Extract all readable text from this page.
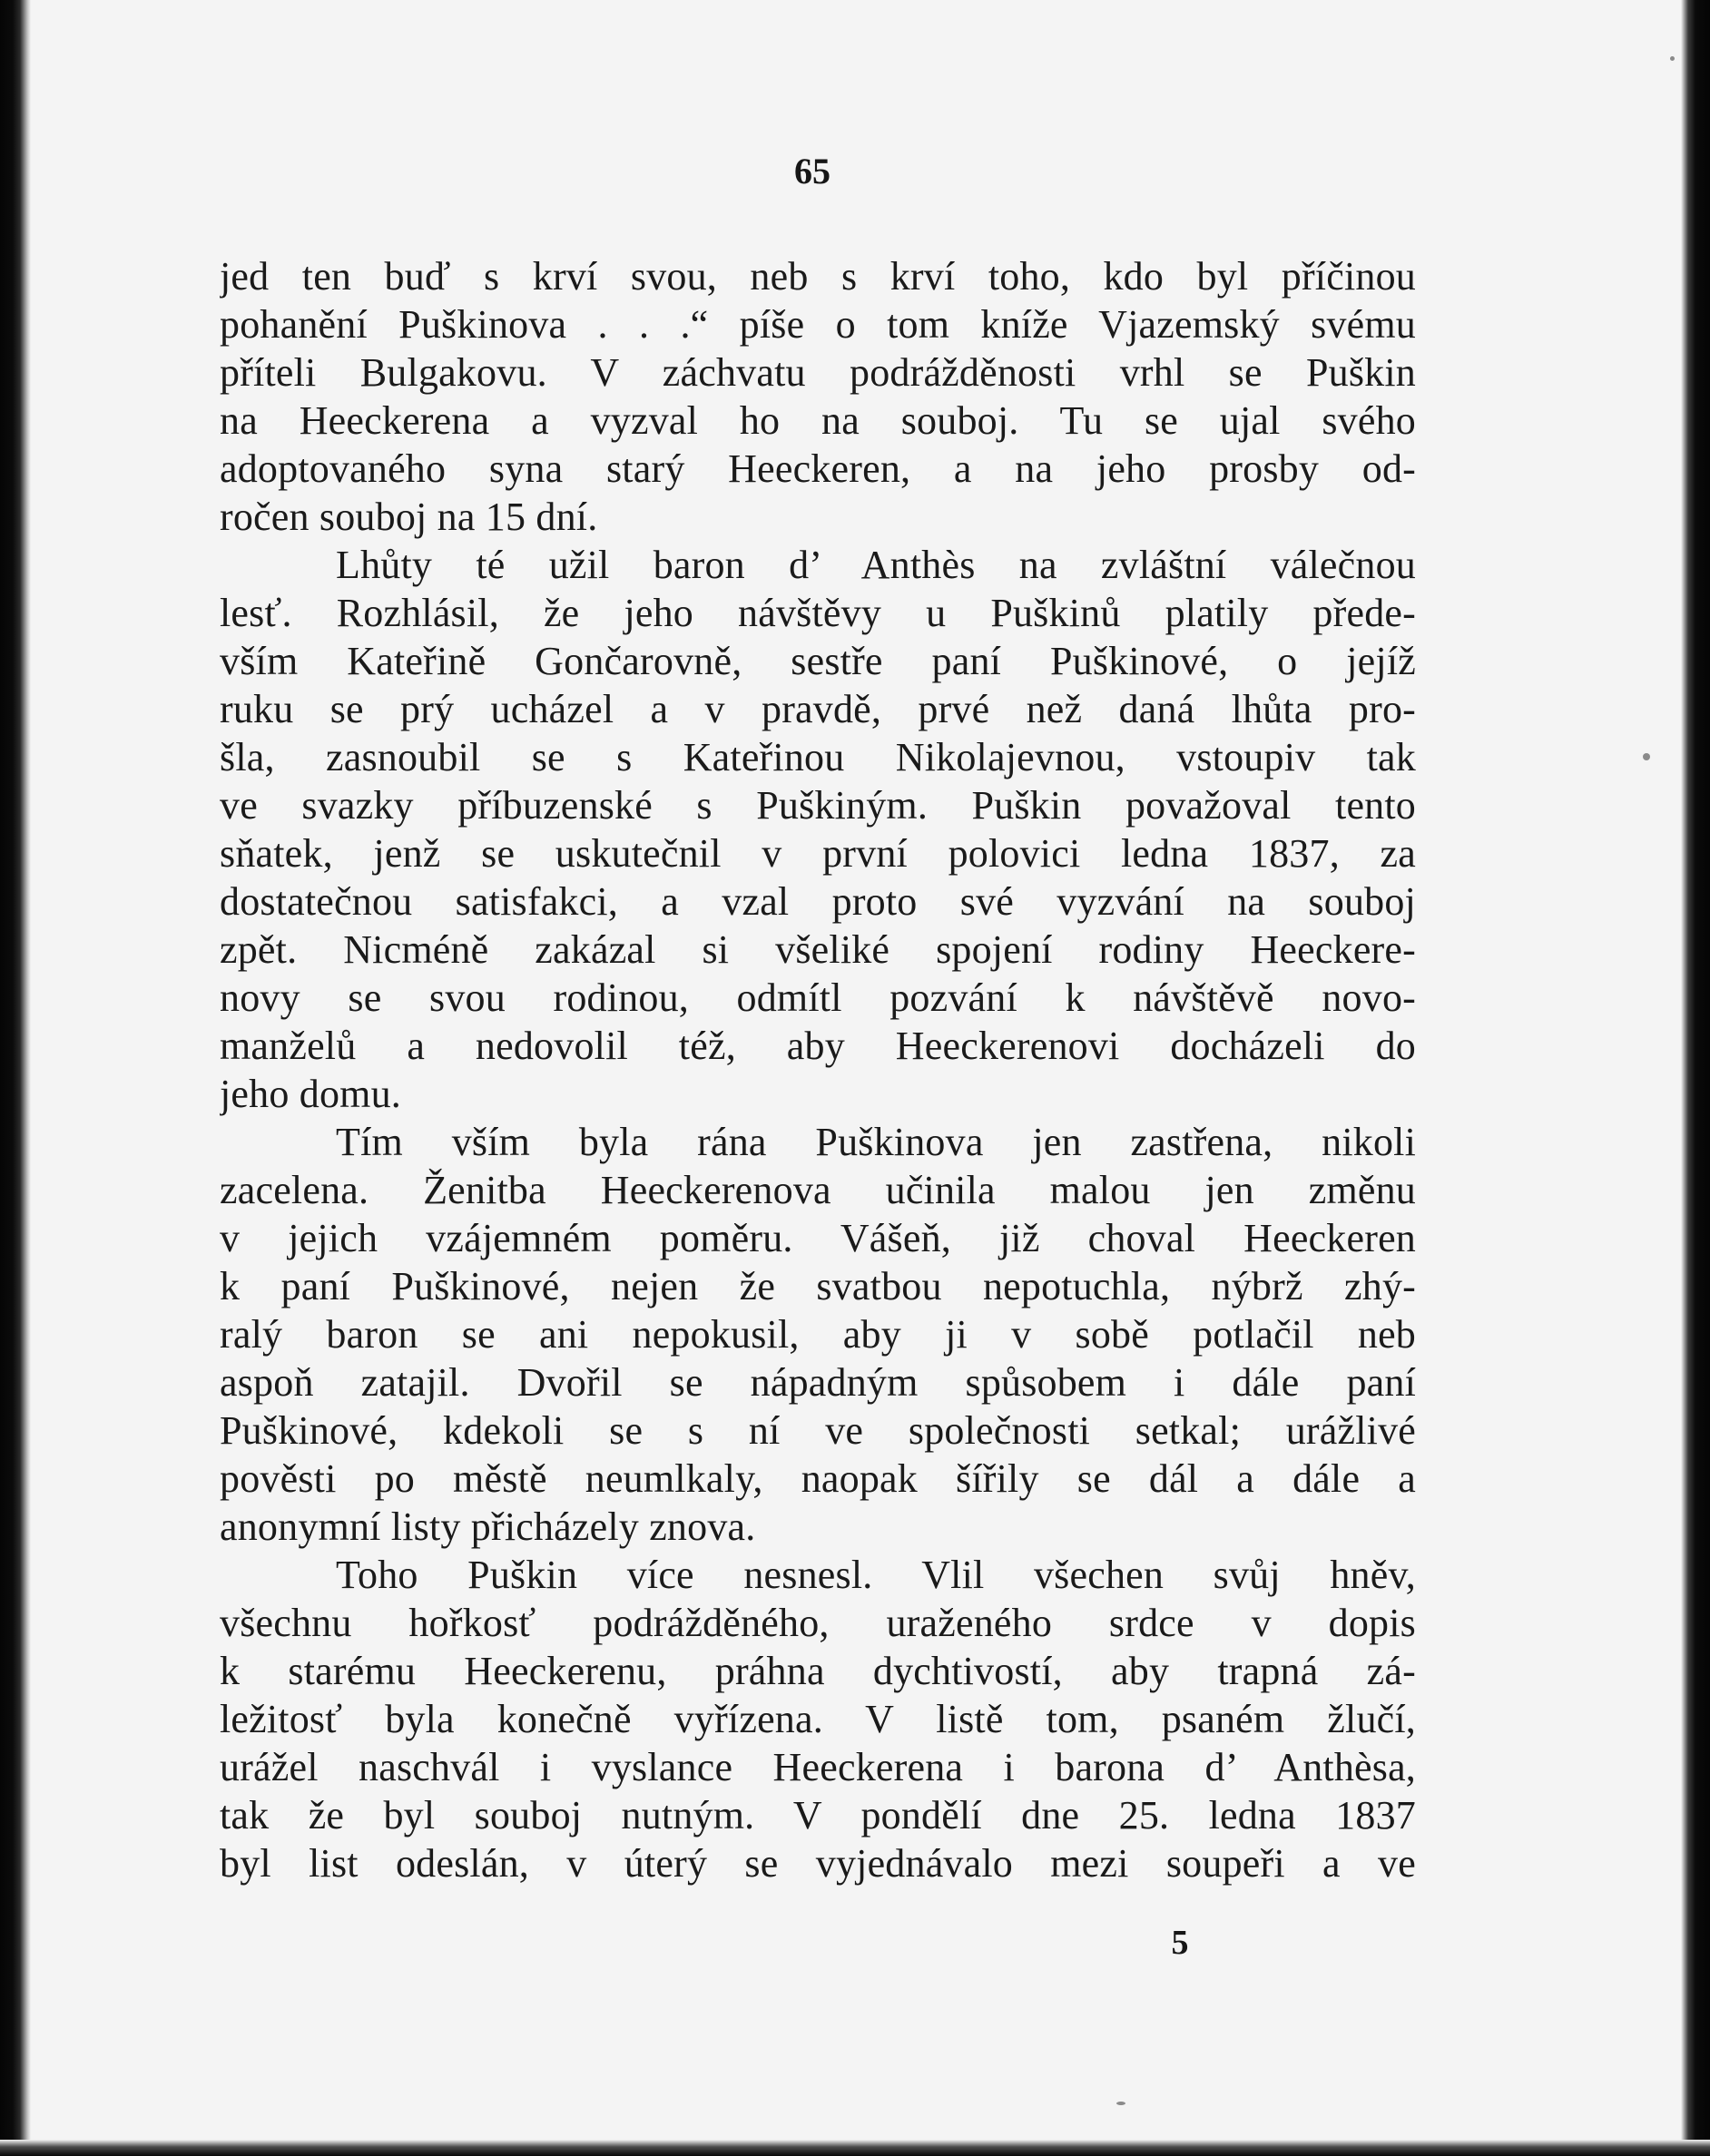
65
jed ten buď s krví svou, neb s krví toho, kdo byl příčinou
pohanění Puškinova . . .“ píše o tom kníže Vjazemský svému
příteli Bulgakovu. V záchvatu podrážděnosti vrhl se Puškin
na Heeckerena a vyzval ho na souboj. Tu se ujal svého
adoptovaného syna starý Heeckeren, a na jeho prosby od-
ročen souboj na 15 dní.
Lhůty té užil baron d’ Anthès na zvláštní válečnou
lesť. Rozhlásil, že jeho návštěvy u Puškinů platily přede-
vším Kateřině Gončarovně, sestře paní Puškinové, o jejíž
ruku se prý ucházel a v pravdě, prvé než daná lhůta pro-
šla, zasnoubil se s Kateřinou Nikolajevnou, vstoupiv tak
ve svazky příbuzenské s Puškiným. Puškin považoval tento
sňatek, jenž se uskutečnil v první polovici ledna 1837, za
dostatečnou satisfakci, a vzal proto své vyzvání na souboj
zpět. Nicméně zakázal si všeliké spojení rodiny Heeckere-
novy se svou rodinou, odmítl pozvání k návštěvě novo-
manželů a nedovolil též, aby Heeckerenovi docházeli do
jeho domu.
Tím vším byla rána Puškinova jen zastřena, nikoli
zacelena. Ženitba Heeckerenova učinila malou jen změnu
v jejich vzájemném poměru. Vášeň, již choval Heeckeren
k paní Puškinové, nejen že svatbou nepotuchla, nýbrž zhý-
ralý baron se ani nepokusil, aby ji v sobě potlačil neb
aspoň zatajil. Dvořil se nápadným spůsobem i dále paní
Puškinové, kdekoli se s ní ve společnosti setkal; urážlivé
pověsti po městě neumlkaly, naopak šířily se dál a dále a
anonymní listy přicházely znova.
Toho Puškin více nesnesl. Vlil všechen svůj hněv,
všechnu hořkosť podrážděného, uraženého srdce v dopis
k starému Heeckerenu, práhna dychtivostí, aby trapná zá-
ležitosť byla konečně vyřízena. V listě tom, psaném žlučí,
urážel naschvál i vyslance Heeckerena i barona d’ Anthèsa,
tak že byl souboj nutným. V pondělí dne 25. ledna 1837
byl list odeslán, v úterý se vyjednávalo mezi soupeři a ve
5
